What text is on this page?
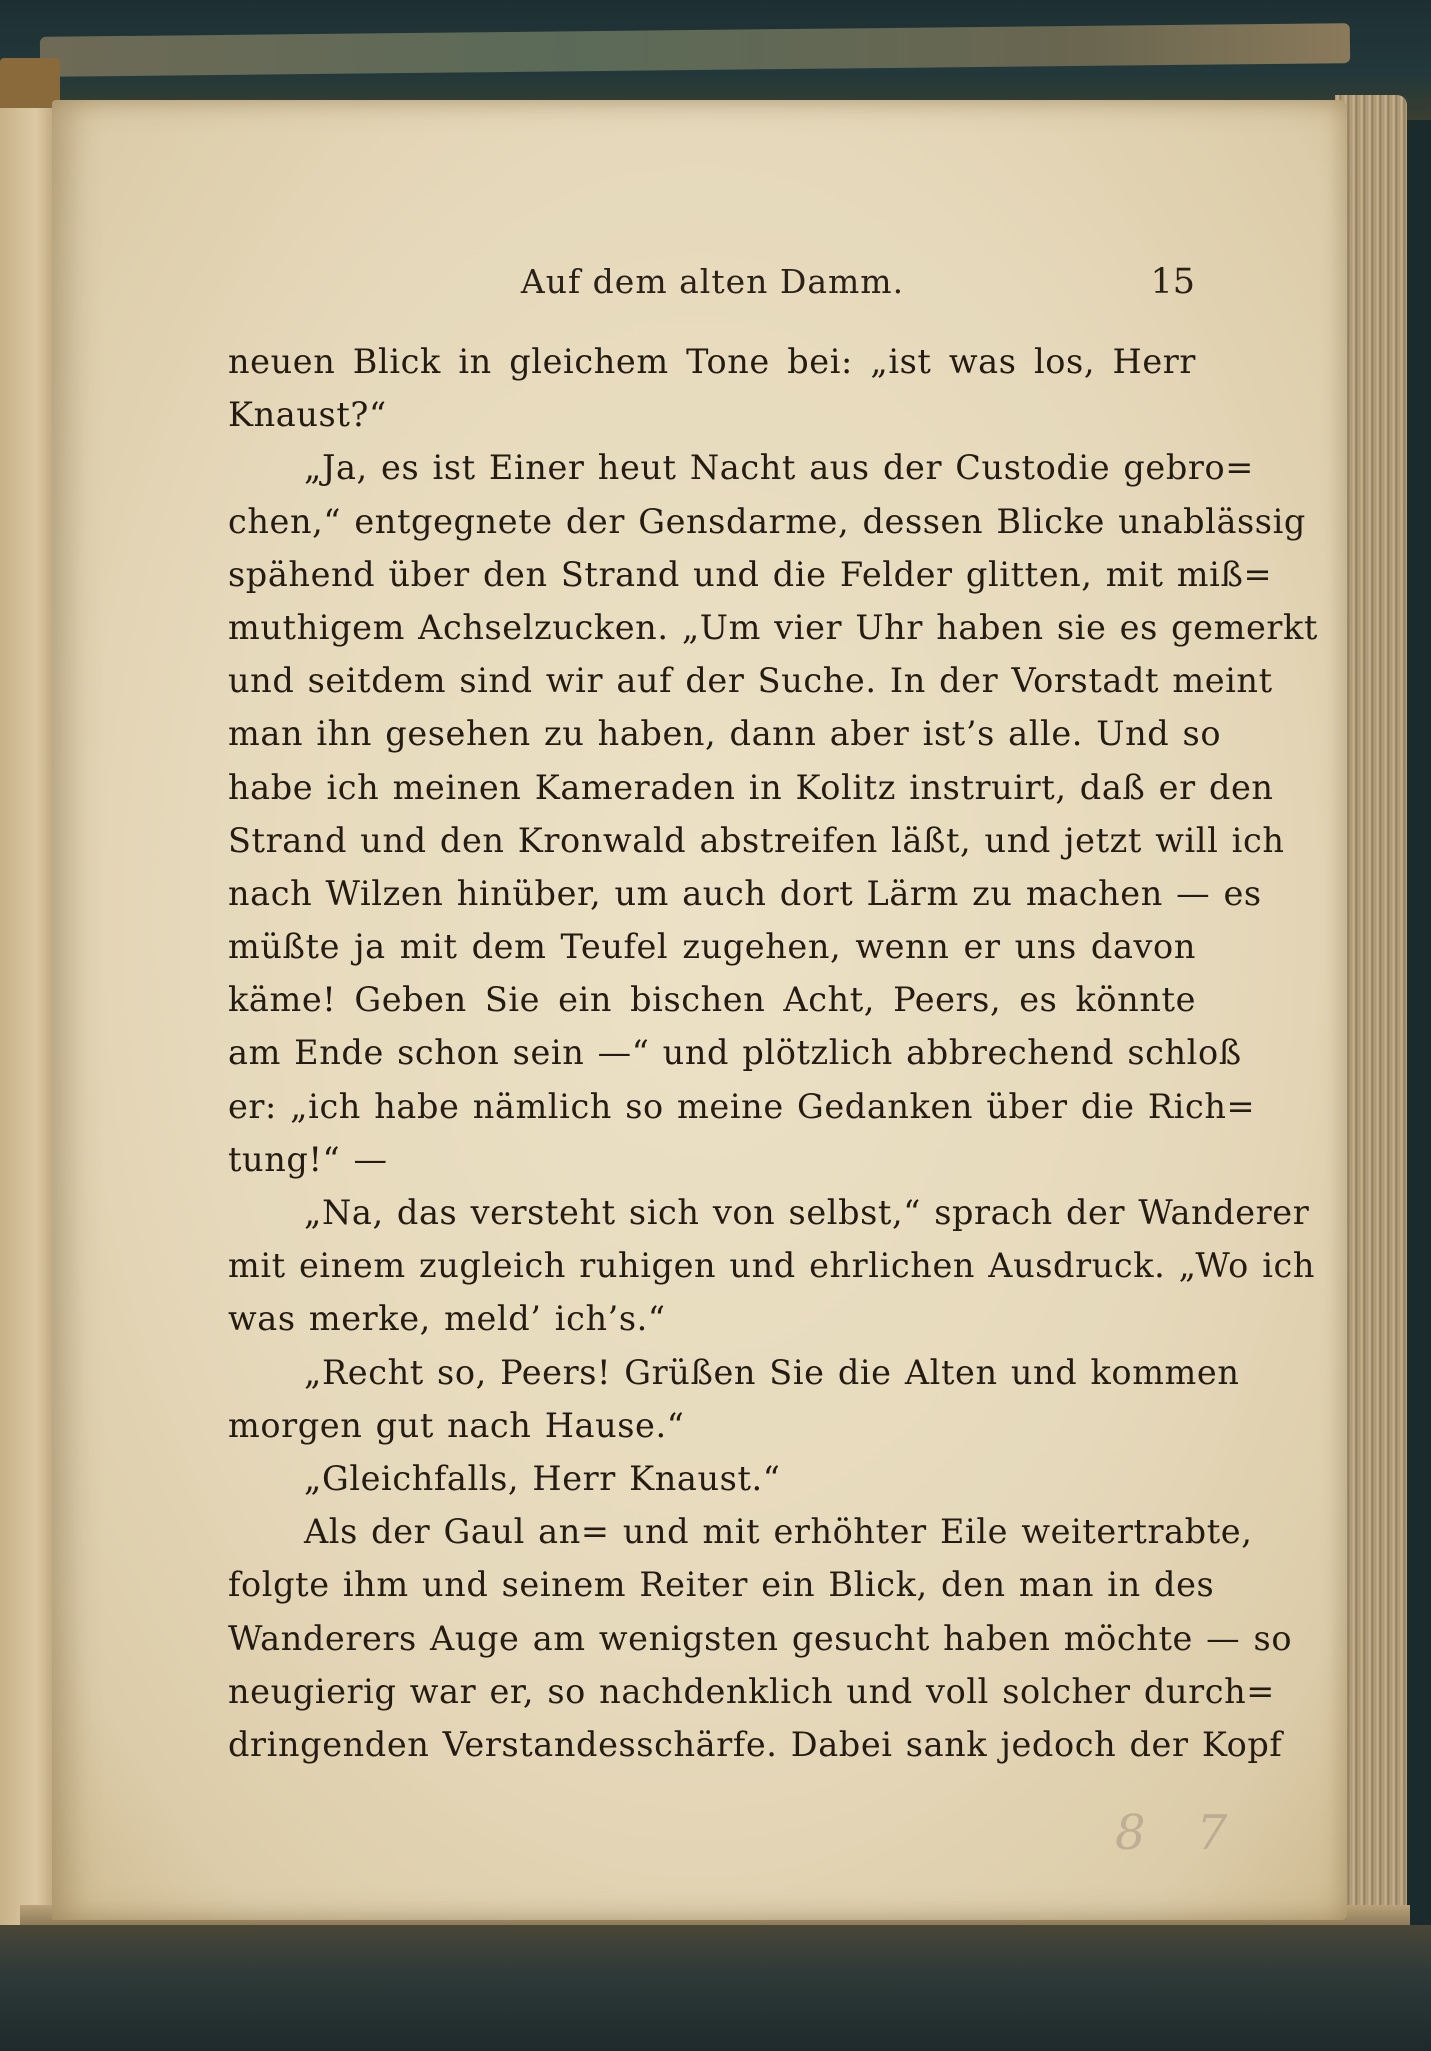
Auf dem alten Damm.	15
neuen Blick in gleichem Tone bei: „ist was los, Herr
Knaust?“
„Ja, es ist Einer heut Nacht aus der Custodie gebro=
chen,“ entgegnete der Gensdarme, dessen Blicke unablässig
spähend über den Strand und die Felder glitten, mit miß=
muthigem Achselzucken. „Um vier Uhr haben sie es gemerkt
und seitdem sind wir auf der Suche. In der Vorstadt meint
man ihn gesehen zu haben, dann aber ist’s alle. Und so
habe ich meinen Kameraden in Kolitz instruirt, daß er den
Strand und den Kronwald abstreifen läßt, und jetzt will ich
nach Wilzen hinüber, um auch dort Lärm zu machen — es
müßte ja mit dem Teufel zugehen, wenn er uns davon
käme! Geben Sie ein bischen Acht, Peers, es könnte
am Ende schon sein —“ und plötzlich abbrechend schloß
er: „ich habe nämlich so meine Gedanken über die Rich=
tung!“ —
„Na, das versteht sich von selbst,“ sprach der Wanderer
mit einem zugleich ruhigen und ehrlichen Ausdruck. „Wo ich
was merke, meld’ ich’s.“
„Recht so, Peers! Grüßen Sie die Alten und kommen
morgen gut nach Hause.“
„Gleichfalls, Herr Knaust.“
Als der Gaul an= und mit erhöhter Eile weitertrabte,
folgte ihm und seinem Reiter ein Blick, den man in des
Wanderers Auge am wenigsten gesucht haben möchte — so
neugierig war er, so nachdenklich und voll solcher durch=
dringenden Verstandesschärfe. Dabei sank jedoch der Kopf
8 7
